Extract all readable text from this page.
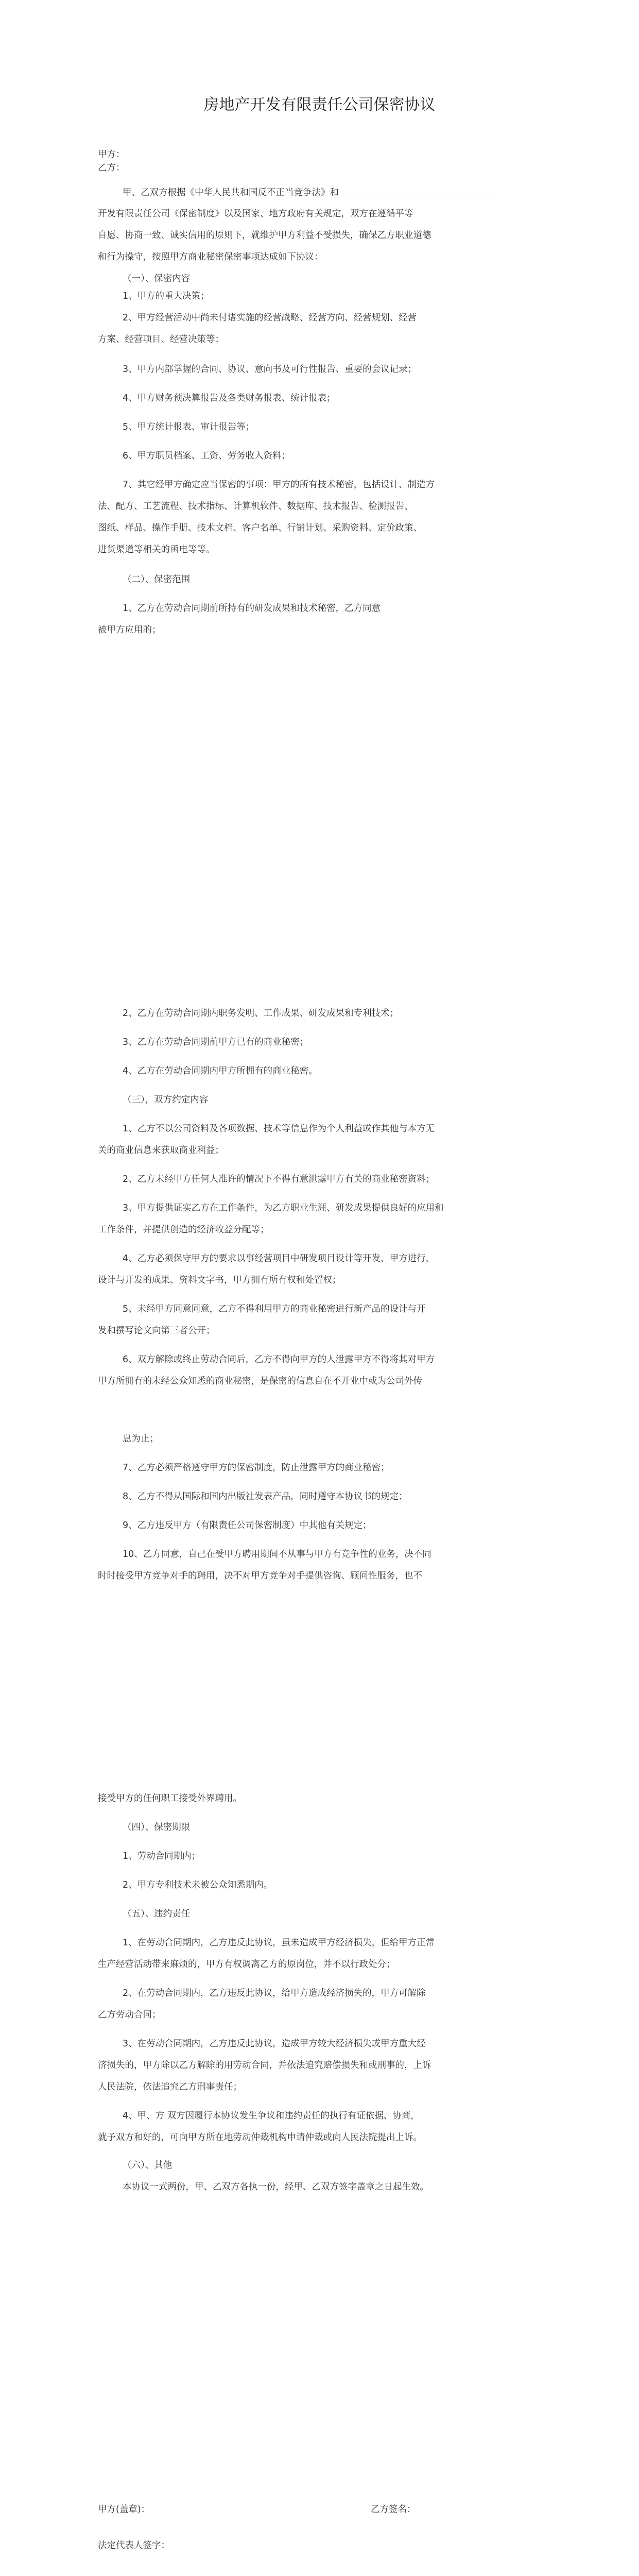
房地产开发有限责任公司保密协议
甲方：
乙方：
甲、乙双方根据《中华人民共和国反不正当竞争法》和
开发有限责任公司《保密制度》以及国家、地方政府有关规定，双方在遵循平等
自愿、协商一致、诚实信用的原则下，就维护甲方利益不受损失，确保乙方职业道德
和行为操守，按照甲方商业秘密保密事项达成如下协议：
（一）、保密内容
1、甲方的重大决策；
2、甲方经营活动中尚未付诸实施的经营战略、经营方向、经营规划、经营
方案、经营项目、经营决策等；
3、甲方内部掌握的合同、协议、意向书及可行性报告、重要的会议记录；
4、甲方财务预决算报告及各类财务报表、统计报表；
5、甲方统计报表、审计报告等；
6、甲方职员档案、工资、劳务收入资料；
7、其它经甲方确定应当保密的事项：甲方的所有技术秘密，包括设计、制造方
法、配方、工艺流程、技术指标、计算机软件、数据库、技术报告、检测报告、
图纸、样品、操作手册、技术文档、客户名单、行销计划、采购资料、定价政策、
进货渠道等相关的函电等等。
（二）、保密范围
1、乙方在劳动合同期前所持有的研发成果和技术秘密，乙方同意
被甲方应用的；
2、乙方在劳动合同期内职务发明、工作成果、研发成果和专利技术；
3、乙方在劳动合同期前甲方已有的商业秘密；
4、乙方在劳动合同期内甲方所拥有的商业秘密。
（三），双方约定内容
1、乙方不以公司资料及各项数据、技术等信息作为个人利益或作其他与本方无
关的商业信息来获取商业利益；
2、乙方未经甲方任何人准许的情况下不得有意泄露甲方有关的商业秘密资料；
3、甲方提供证实乙方在工作条件，为乙方职业生涯、研发成果提供良好的应用和
工作条件，并提供创造的经济收益分配等；
4、乙方必须保守甲方的要求以事经营项目中研发项目设计等开发，甲方进行，
设计与开发的成果、资料文字书，甲方拥有所有权和处置权；
5、未经甲方同意同意，乙方不得利用甲方的商业秘密进行新产品的设计与开
发和撰写论文向第三者公开；
6、双方解除或终止劳动合同后，乙方不得向甲方的人泄露甲方不得将其对甲方
甲方所拥有的未经公众知悉的商业秘密，是保密的信息自在不开业中或为公司外传
息为止；
7、乙方必须严格遵守甲方的保密制度，防止泄露甲方的商业秘密；
8、乙方不得从国际和国内出版社发表产品，同时遵守本协议书的规定；
9、乙方违反甲方（有限责任公司保密制度）中其他有关规定；
10、乙方同意，自己在受甲方聘用期间不从事与甲方有竞争性的业务，决不同
时时接受甲方竞争对手的聘用，决不对甲方竞争对手提供咨询、顾问性服务，也不
接受甲方的任何职工接受外界聘用。
（四）、保密期限
1、劳动合同期内；
2、甲方专利技术未被公众知悉期内。
（五）、违约责任
1、在劳动合同期内，乙方违反此协议，虽未造成甲方经济损失，但给甲方正常
生产经营活动带来麻烦的，甲方有权调离乙方的原岗位，并不以行政处分；
2、在劳动合同期内，乙方违反此协议，给甲方造成经济损失的，甲方可解除
乙方劳动合同；
3、在劳动合同期内，乙方违反此协议，造成甲方较大经济损失或甲方重大经
济损失的，甲方除以乙方解除的用劳动合同，并依法追究赔偿损失和或刑事的，上诉
人民法院，依法追究乙方刑事责任；
4、甲、方 双方因履行本协议发生争议和违约责任的执行有证依据、协商，
就予双方和好的，可向甲方所在地劳动仲裁机构申请仲裁或向人民法院提出上诉。
（六）、其他
本协议一式两份，甲、乙双方各执一份，经甲、乙双方签字盖章之日起生效。
甲方(盖章)：	乙方签名：
法定代表人签字：
